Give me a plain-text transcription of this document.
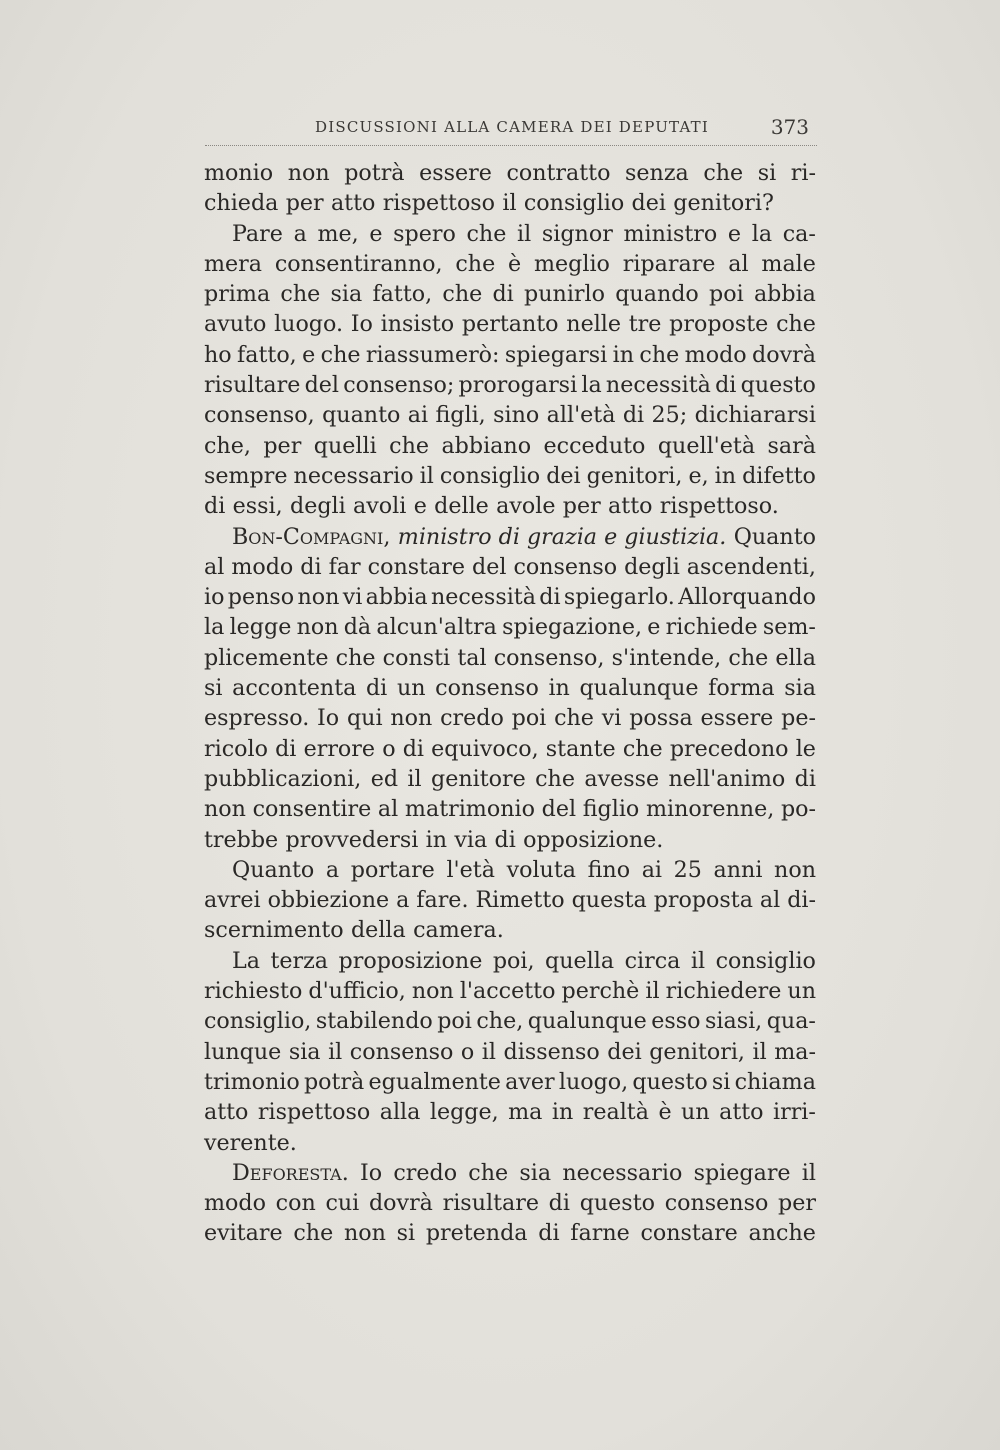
DISCUSSIONI ALLA CAMERA DEI DEPUTATI	373
monio non potrà essere contratto senza che si ri-
chieda per atto rispettoso il consiglio dei genitori?
Pare a me, e spero che il signor ministro e la ca-
mera consentiranno, che è meglio riparare al male
prima che sia fatto, che di punirlo quando poi abbia
avuto luogo. Io insisto pertanto nelle tre proposte che
ho fatto, e che riassumerò: spiegarsi in che modo dovrà
risultare del consenso; prorogarsi la necessità di questo
consenso, quanto ai figli, sino all'età di 25; dichiararsi
che, per quelli che abbiano ecceduto quell'età sarà
sempre necessario il consiglio dei genitori, e, in difetto
di essi, degli avoli e delle avole per atto rispettoso.
Bon-Compagni, ministro di grazia e giustizia. Quanto
al modo di far constare del consenso degli ascendenti,
io penso non vi abbia necessità di spiegarlo. Allorquando
la legge non dà alcun'altra spiegazione, e richiede sem-
plicemente che consti tal consenso, s'intende, che ella
si accontenta di un consenso in qualunque forma sia
espresso. Io qui non credo poi che vi possa essere pe-
ricolo di errore o di equivoco, stante che precedono le
pubblicazioni, ed il genitore che avesse nell'animo di
non consentire al matrimonio del figlio minorenne, po-
trebbe provvedersi in via di opposizione.
Quanto a portare l'età voluta fino ai 25 anni non
avrei obbiezione a fare. Rimetto questa proposta al di-
scernimento della camera.
La terza proposizione poi, quella circa il consiglio
richiesto d'ufficio, non l'accetto perchè il richiedere un
consiglio, stabilendo poi che, qualunque esso siasi, qua-
lunque sia il consenso o il dissenso dei genitori, il ma-
trimonio potrà egualmente aver luogo, questo si chiama
atto rispettoso alla legge, ma in realtà è un atto irri-
verente.
Deforesta. Io credo che sia necessario spiegare il
modo con cui dovrà risultare di questo consenso per
evitare che non si pretenda di farne constare anche
